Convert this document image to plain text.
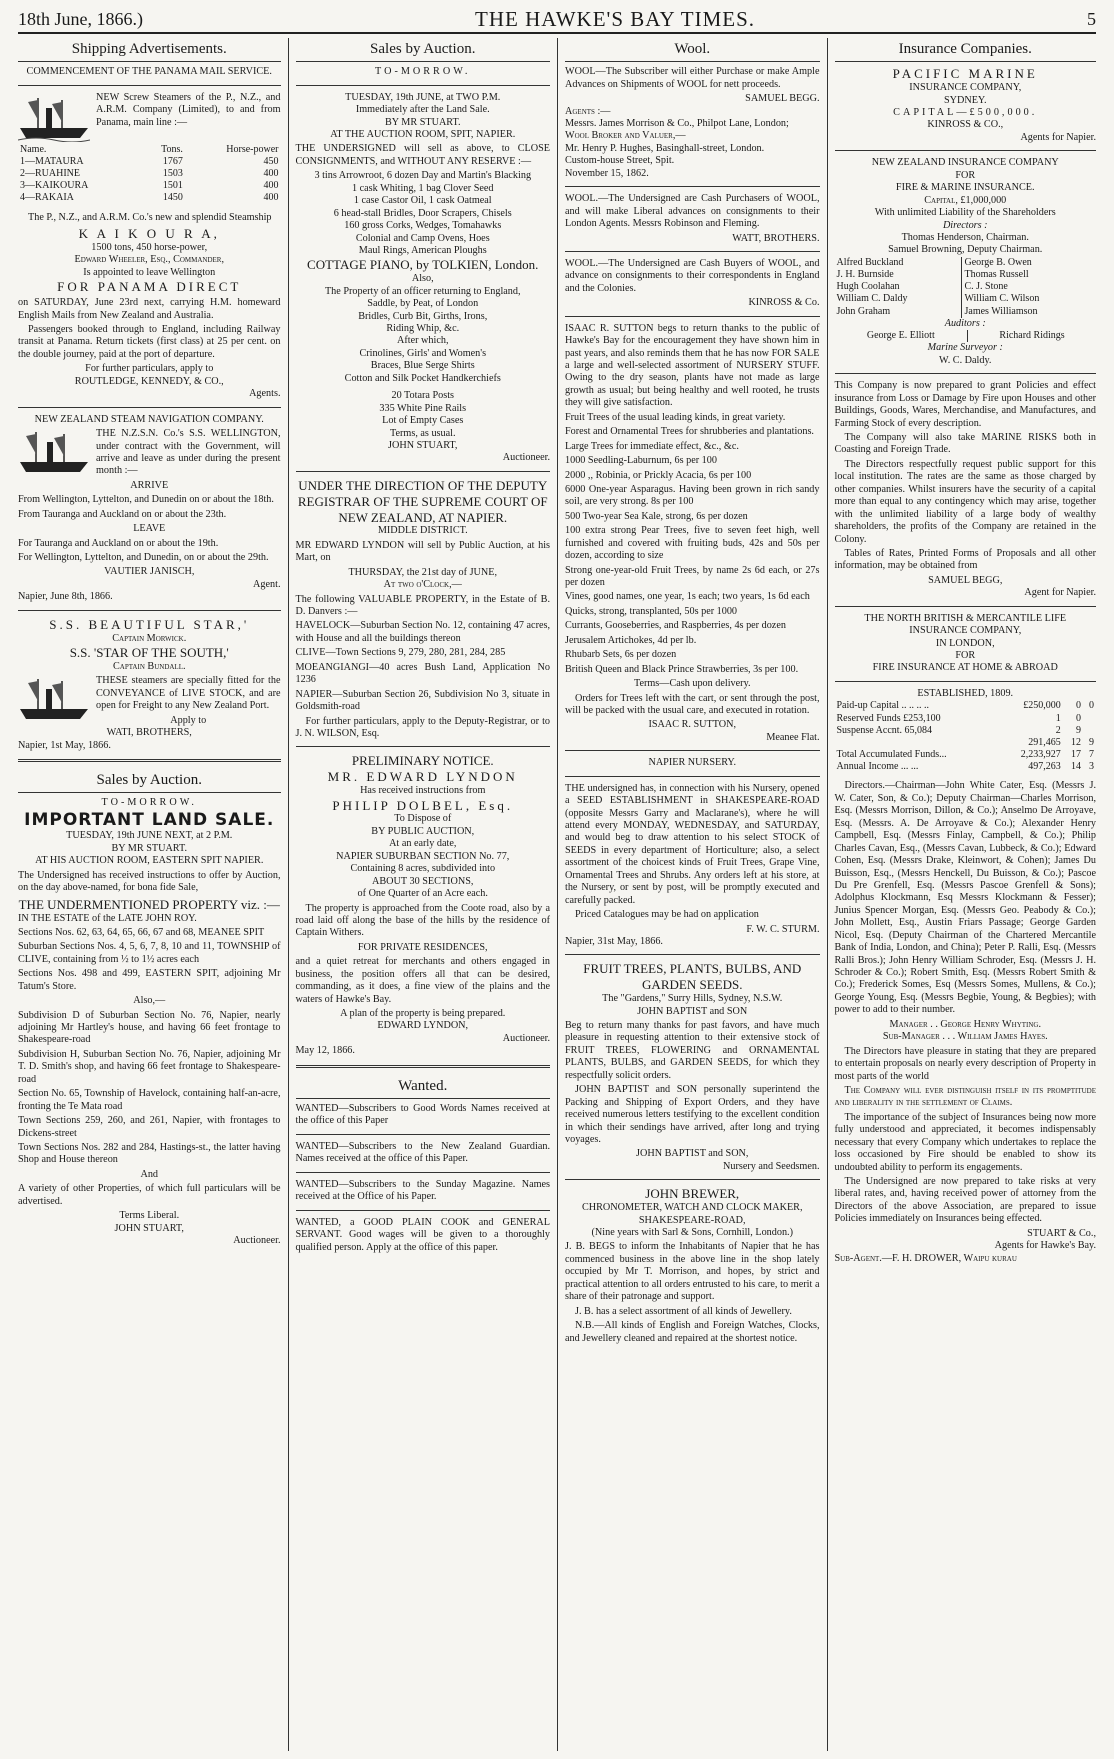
18th June, 1866.)	THE HAWKE'S BAY TIMES.	5
Shipping Advertisements.
COMMENCEMENT OF THE PANAMA MAIL SERVICE.

NEW Screw Steamers of the P., N.Z., and A.R.M. Company (Limited), to and from Panama, main line :—

Name.	Tons.	Horse-power
1—MATAURA	1767	450
2—RUAHINE	1503	400
3—KAIKOURA	1501	400
4—RAKAIA	1450	400

The P., N.Z., and A.R.M. Co.'s new and splendid Steamship

K A I K O U R A,
1500 tons, 450 horse-power,
Edward Wheeler, Esq., Commander,
Is appointed to leave Wellington
FOR PANAMA DIRECT

on SATURDAY, June 23rd next, carrying H.M. homeward English Mails from New Zealand and Australia.

Passengers booked through to England, including Railway transit at Panama. Return tickets (first class) at 25 per cent. on the double journey, paid at the port of departure.

For further particulars, apply to
ROUTLEDGE, KENNEDY, & CO.,
Agents.
NEW ZEALAND STEAM NAVIGATION COMPANY.

THE N.Z.S.N. Co.'s S.S. WELLINGTON, under contract with the Government, will arrive and leave as under during the present month :—

ARRIVE

From Wellington, Lyttelton, and Dunedin on or about the 18th.

From Tauranga and Auckland on or about the 23th.

LEAVE

For Tauranga and Auckland on or about the 19th.

For Wellington, Lyttelton, and Dunedin, on or about the 29th.

VAUTIER JANISCH,
Agent.
Napier, June 8th, 1866.
S.S. BEAUTIFUL STAR,'
Captain Morwick.
S.S. 'STAR OF THE SOUTH,'
Captain Bundall.

THESE steamers are specially fitted for the CONVEYANCE of LIVE STOCK, and are open for Freight to any New Zealand Port.

Apply to
WATI, BROTHERS,
Napier, 1st May, 1866.
Sales by Auction.
TO-MORROW.
IMPORTANT LAND SALE.
TUESDAY, 19th JUNE NEXT, at 2 P.M.
BY MR STUART.
AT HIS AUCTION ROOM, EASTERN SPIT NAPIER.

The Undersigned has received instructions to offer by Auction, on the day above-named, for bona fide Sale,

THE UNDERMENTIONED PROPERTY viz. :—
IN THE ESTATE of the LATE JOHN ROY.

Sections Nos. 62, 63, 64, 65, 66, 67 and 68, MEANEE SPIT

Suburban Sections Nos. 4, 5, 6, 7, 8, 10 and 11, TOWNSHIP of CLIVE, containing from ½ to 1½ acres each

Sections Nos. 498 and 499, EASTERN SPIT, adjoining Mr Tatum's Store.

Also,—

Subdivision D of Suburban Section No. 76, Napier, nearly adjoining Mr Hartley's house, and having 66 feet frontage to Shakespeare-road

Subdivision H, Suburban Section No. 76, Napier, adjoining Mr T. D. Smith's shop, and having 66 feet frontage to Shakespeare-road

Section No. 65, Township of Havelock, containing half-an-acre, fronting the Te Mata road

Town Sections 259, 260, and 261, Napier, with frontages to Dickens-street

Town Sections Nos. 282 and 284, Hastings-st., the latter having Shop and House thereon

And

A variety of other Properties, of which full particulars will be advertised.

Terms Liberal.
JOHN STUART,
Auctioneer.
Sales by Auction.
TO-MORROW.
TUESDAY, 19th JUNE, at TWO P.M.
Immediately after the Land Sale.
BY MR STUART.
AT THE AUCTION ROOM, SPIT, NAPIER.

THE UNDERSIGNED will sell as above, to CLOSE CONSIGNMENTS, and WITHOUT ANY RESERVE :—

3 tins Arrowroot, 6 dozen Day and Martin's Blacking
1 cask Whiting, 1 bag Clover Seed
1 case Castor Oil, 1 cask Oatmeal
6 head-stall Bridles, Door Scrapers, Chisels
160 gross Corks, Wedges, Tomahawks
Colonial and Camp Ovens, Hoes
Maul Rings, American Ploughs
COTTAGE PIANO, by TOLKIEN, London.
Also,
The Property of an officer returning to England,
Saddle, by Peat, of London
Bridles, Curb Bit, Girths, Irons,
Riding Whip, &c.
After which,
Crinolines, Girls' and Women's
Braces, Blue Serge Shirts
Cotton and Silk Pocket Handkerchiefs
20 Totara Posts
335 White Pine Rails
Lot of Empty Cases
Terms, as usual.
JOHN STUART,
Auctioneer.
UNDER THE DIRECTION OF THE DEPUTY REGISTRAR OF THE SUPREME COURT OF NEW ZEALAND, AT NAPIER.
MIDDLE DISTRICT.

MR EDWARD LYNDON will sell by Public Auction, at his Mart, on

THURSDAY, the 21st day of JUNE,
At two o'Clock,—

The following VALUABLE PROPERTY, in the Estate of B. D. Danvers :—

HAVELOCK—Suburban Section No. 12, containing 47 acres, with House and all the buildings thereon

CLIVE—Town Sections 9, 279, 280, 281, 284, 285

MOEANGIANGI—40 acres Bush Land, Application No 1236

NAPIER—Suburban Section 26, Subdivision No 3, situate in Goldsmith-road

For further particulars, apply to the Deputy-Registrar, or to J. N. WILSON, Esq.

PRELIMINARY NOTICE.
MR. EDWARD LYNDON
Has received instructions from
PHILIP DOLBEL, Esq.
To Dispose of
BY PUBLIC AUCTION,
At an early date,
NAPIER SUBURBAN SECTION No. 77,
Containing 8 acres, subdivided into
ABOUT 30 SECTIONS,
of One Quarter of an Acre each.

The property is approached from the Coote road, also by a road laid off along the base of the hills by the residence of Captain Withers.

FOR PRIVATE RESIDENCES,

and a quiet retreat for merchants and others engaged in business, the position offers all that can be desired, commanding, as it does, a fine view of the plains and the waters of Hawke's Bay.

A plan of the property is being prepared.
EDWARD LYNDON,
Auctioneer.
May 12, 1866.
Wanted.

WANTED—Subscribers to Good Words Names received at the office of this Paper

WANTED—Subscribers to the New Zealand Guardian. Names received at the office of this Paper.

WANTED—Subscribers to the Sunday Magazine. Names received at the Office of his Paper.

WANTED, a GOOD PLAIN COOK and GENERAL SERVANT. Good wages will be given to a thoroughly qualified person. Apply at the office of this paper.

Wool.

WOOL—The Subscriber will either Purchase or make Ample Advances on Shipments of WOOL for nett proceeds.

SAMUEL BEGG.
Agents :—
Messrs. James Morrison & Co., Philpot Lane, London;
Wool Broker and Valuer,—
Mr. Henry P. Hughes, Basinghall-street, London.
Custom-house Street, Spit.
November 15, 1862.

WOOL.—The Undersigned are Cash Purchasers of WOOL, and will make Liberal advances on consignments to their London Agents. Messrs Robinson and Fleming.

WATT, BROTHERS.

WOOL.—The Undersigned are Cash Buyers of WOOL, and advance on consignments to their correspondents in England and the Colonies.

KINROSS & Co.

ISAAC R. SUTTON begs to return thanks to the public of Hawke's Bay for the encouragement they have shown him in past years, and also reminds them that he has now FOR SALE a large and well-selected assortment of NURSERY STUFF. Owing to the dry season, plants have not made as large growth as usual; but being healthy and well rooted, he trusts they will give satisfaction.

Fruit Trees of the usual leading kinds, in great variety.

Forest and Ornamental Trees for shrubberies and plantations.

Large Trees for immediate effect, &c., &c.

1000 Seedling-Laburnum, 6s per 100

2000 ,, Robinia, or Prickly Acacia, 6s per 100

6000 One-year Asparagus. Having been grown in rich sandy soil, are very strong. 8s per 100

500 Two-year Sea Kale, strong, 6s per dozen

100 extra strong Pear Trees, five to seven feet high, well furnished and covered with fruiting buds, 42s and 50s per dozen, according to size

Strong one-year-old Fruit Trees, by name 2s 6d each, or 27s per dozen

Vines, good names, one year, 1s each; two years, 1s 6d each

Quicks, strong, transplanted, 50s per 1000

Currants, Gooseberries, and Raspberries, 4s per dozen

Jerusalem Artichokes, 4d per lb.

Rhubarb Sets, 6s per dozen

British Queen and Black Prince Strawberries, 3s per 100.

Terms—Cash upon delivery.

Orders for Trees left with the cart, or sent through the post, will be packed with the usual care, and executed in rotation.

ISAAC R. SUTTON,
Meanee Flat.
NAPIER NURSERY.

THE undersigned has, in connection with his Nursery, opened a SEED ESTABLISHMENT in SHAKESPEARE-ROAD (opposite Messrs Garry and Maclarane's), where he will attend every MONDAY, WEDNESDAY, and SATURDAY, and would beg to draw attention to his select STOCK of SEEDS in every department of Horticulture; also, a select assortment of the choicest kinds of Fruit Trees, Grape Vine, Ornamental Trees and Shrubs. Any orders left at his store, at the Nursery, or sent by post, will be promptly executed and carefully packed.

Priced Catalogues may be had on application

F. W. C. STURM.
Napier, 31st May, 1866.
FRUIT TREES, PLANTS, BULBS, AND GARDEN SEEDS.
The "Gardens," Surry Hills, Sydney, N.S.W.
JOHN BAPTIST and SON

Beg to return many thanks for past favors, and have much pleasure in requesting attention to their extensive stock of FRUIT TREES, FLOWERING and ORNAMENTAL PLANTS, BULBS, and GARDEN SEEDS, for which they respectfully solicit orders.

JOHN BAPTIST and SON personally superintend the Packing and Shipping of Export Orders, and they have received numerous letters testifying to the excellent condition in which their sendings have arrived, after long and trying voyages.

JOHN BAPTIST and SON,
Nursery and Seedsmen.
JOHN BREWER,
CHRONOMETER, WATCH AND CLOCK MAKER,
SHAKESPEARE-ROAD,
(Nine years with Sarl & Sons, Cornhill, London.)

J. B. BEGS to inform the Inhabitants of Napier that he has commenced business in the above line in the shop lately occupied by Mr T. Morrison, and hopes, by strict and practical attention to all orders entrusted to his care, to merit a share of their patronage and support.

J. B. has a select assortment of all kinds of Jewellery.

N.B.—All kinds of English and Foreign Watches, Clocks, and Jewellery cleaned and repaired at the shortest notice.

Insurance Companies.
PACIFIC MARINE
INSURANCE COMPANY,
SYDNEY.
CAPITAL—£500,000.
KINROSS & CO.,
Agents for Napier.
NEW ZEALAND INSURANCE COMPANY
FOR
FIRE & MARINE INSURANCE.
Capital, £1,000,000
With unlimited Liability of the Shareholders
Directors :
Thomas Henderson, Chairman.
Samuel Browning, Deputy Chairman.
Alfred Buckland	George B. Owen
J. H. Burnside	Thomas Russell
Hugh Coolahan	C. J. Stone
William C. Daldy	William C. Wilson
John Graham	James Williamson
Auditors :
George E. Elliott	Richard Ridings
Marine Surveyor :
W. C. Daldy.

This Company is now prepared to grant Policies and effect insurance from Loss or Damage by Fire upon Houses and other Buildings, Goods, Wares, Merchandise, and Manufactures, and Farming Stock of every description.

The Company will also take MARINE RISKS both in Coasting and Foreign Trade.

The Directors respectfully request public support for this local institution. The rates are the same as those charged by other companies. Whilst insurers have the security of a capital more than equal to any contingency which may arise, together with the unlimited liability of a large body of wealthy shareholders, the profits of the Company are retained in the Colony.

Tables of Rates, Printed Forms of Proposals and all other information, may be obtained from

SAMUEL BEGG,
Agent for Napier.
THE NORTH BRITISH & MERCANTILE LIFE INSURANCE COMPANY,
IN LONDON,
FOR
FIRE INSURANCE AT HOME & ABROAD
ESTABLISHED, 1809.
Paid-up Capital .. .. .. ..	£250,000	0	0
Reserved Funds £253,100	1	0	
Suspense Accnt. 65,084	2	9	
	291,465	12	9
Total Accumulated Funds...	2,233,927	17	7
Annual Income ... ...	497,263	14	3

Directors.—Chairman—John White Cater, Esq. (Messrs J. W. Cater, Son, & Co.); Deputy Chairman—Charles Morrison, Esq. (Messrs Morrison, Dillon, & Co.); Anselmo De Arroyave, Esq. (Messrs. A. De Arroyave & Co.); Alexander Henry Campbell, Esq. (Messrs Finlay, Campbell, & Co.); Philip Charles Cavan, Esq., (Messrs Cavan, Lubbeck, & Co.); Edward Cohen, Esq. (Messrs Drake, Kleinwort, & Cohen); James Du Buisson, Esq., (Messrs Henckell, Du Buisson, & Co.); Pascoe Du Pre Grenfell, Esq. (Messrs Pascoe Grenfell & Sons); Adolphus Klockmann, Esq Messrs Klockmann & Fesser); Junius Spencer Morgan, Esq. (Messrs Geo. Peabody & Co.); John Mollett, Esq., Austin Friars Passage; George Garden Nicol, Esq. (Deputy Chairman of the Chartered Mercantile Bank of India, London, and China); Peter P. Ralli, Esq. (Messrs Ralli Bros.); John Henry William Schroder, Esq. (Messrs J. H. Schroder & Co.); Robert Smith, Esq. (Messrs Robert Smith & Co.); Frederick Somes, Esq (Messrs Somes, Mullens, & Co.); George Young, Esq. (Messrs Begbie, Young, & Begbies); with power to add to their number.

Manager . . George Henry Whyting.
Sub-Manager . . . William James Hayes.

The Directors have pleasure in stating that they are prepared to entertain proposals on nearly every description of Property in most parts of the world

The Company will ever distinguish itself in its promptitude and liberality in the settlement of Claims.

The importance of the subject of Insurances being now more fully understood and appreciated, it becomes indispensably necessary that every Company which undertakes to replace the loss occasioned by Fire should be enabled to show its undoubted ability to perform its engagements.

The Undersigned are now prepared to take risks at very liberal rates, and, having received power of attorney from the Directors of the above Association, are prepared to issue Policies immediately on Insurances being effected.

STUART & Co.,
Agents for Hawke's Bay.
Sub-Agent.—F. H. DROWER, Waipu kurau
